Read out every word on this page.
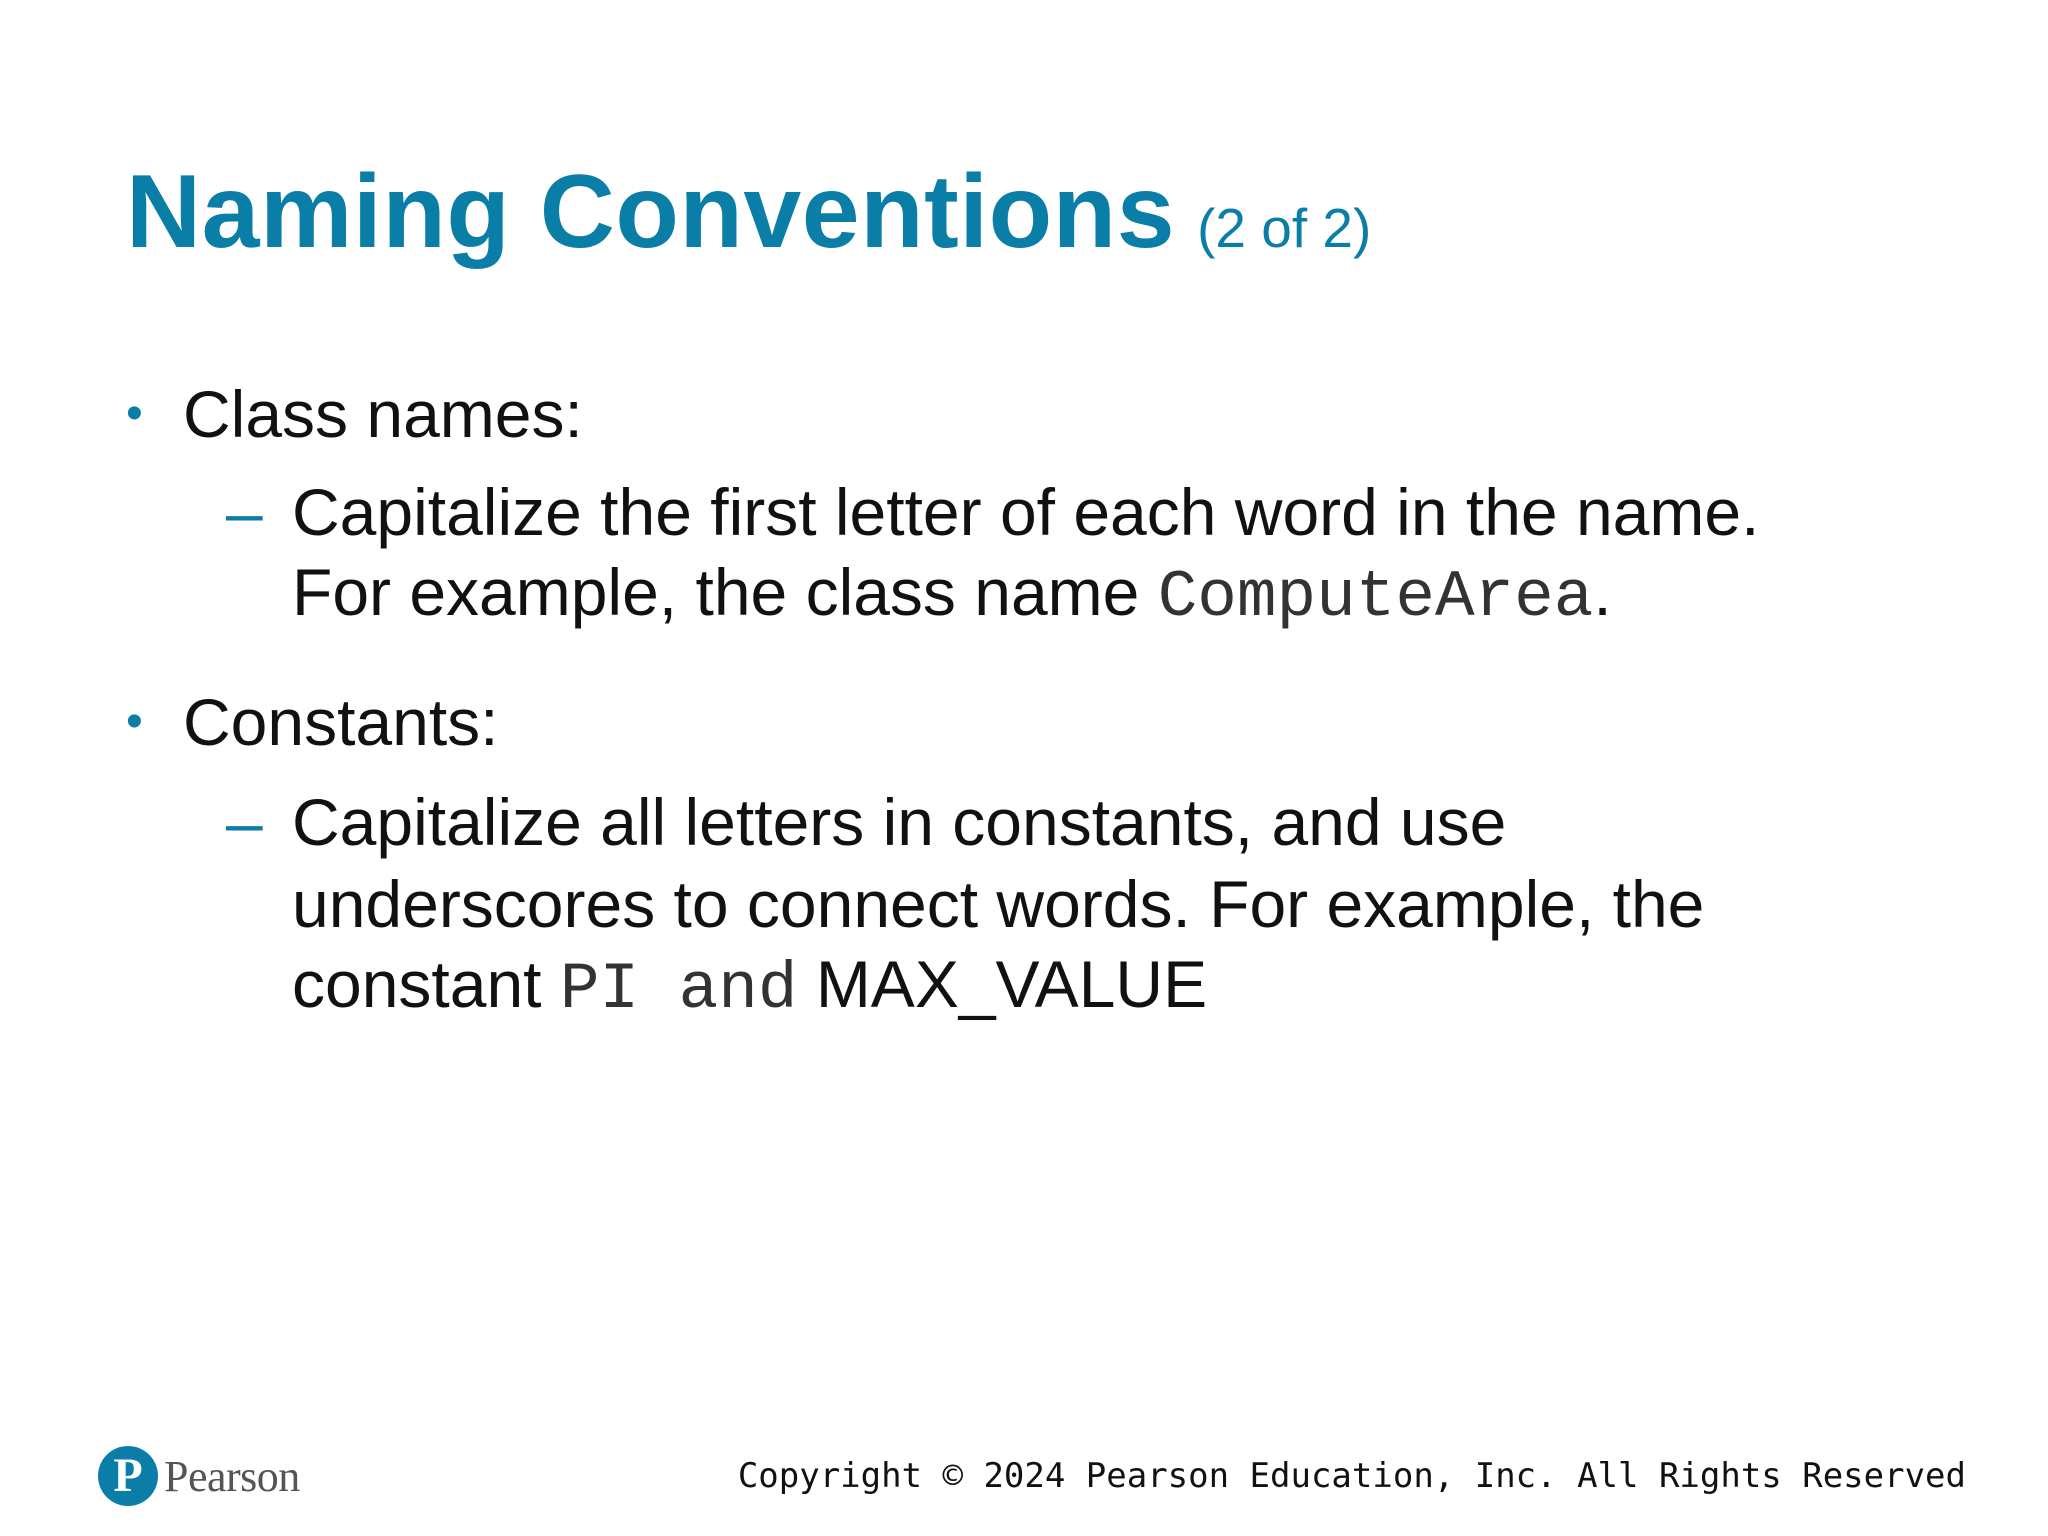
Naming Conventions (2 of 2)
• Class names:
– Capitalize the first letter of each word in the name.
For example, the class name ComputeArea.
• Constants:
– Capitalize all letters in constants, and use
underscores to connect words. For example, the
constant PI and MAX_VALUE
P Pearson	Copyright © 2024 Pearson Education, Inc. All Rights Reserved
